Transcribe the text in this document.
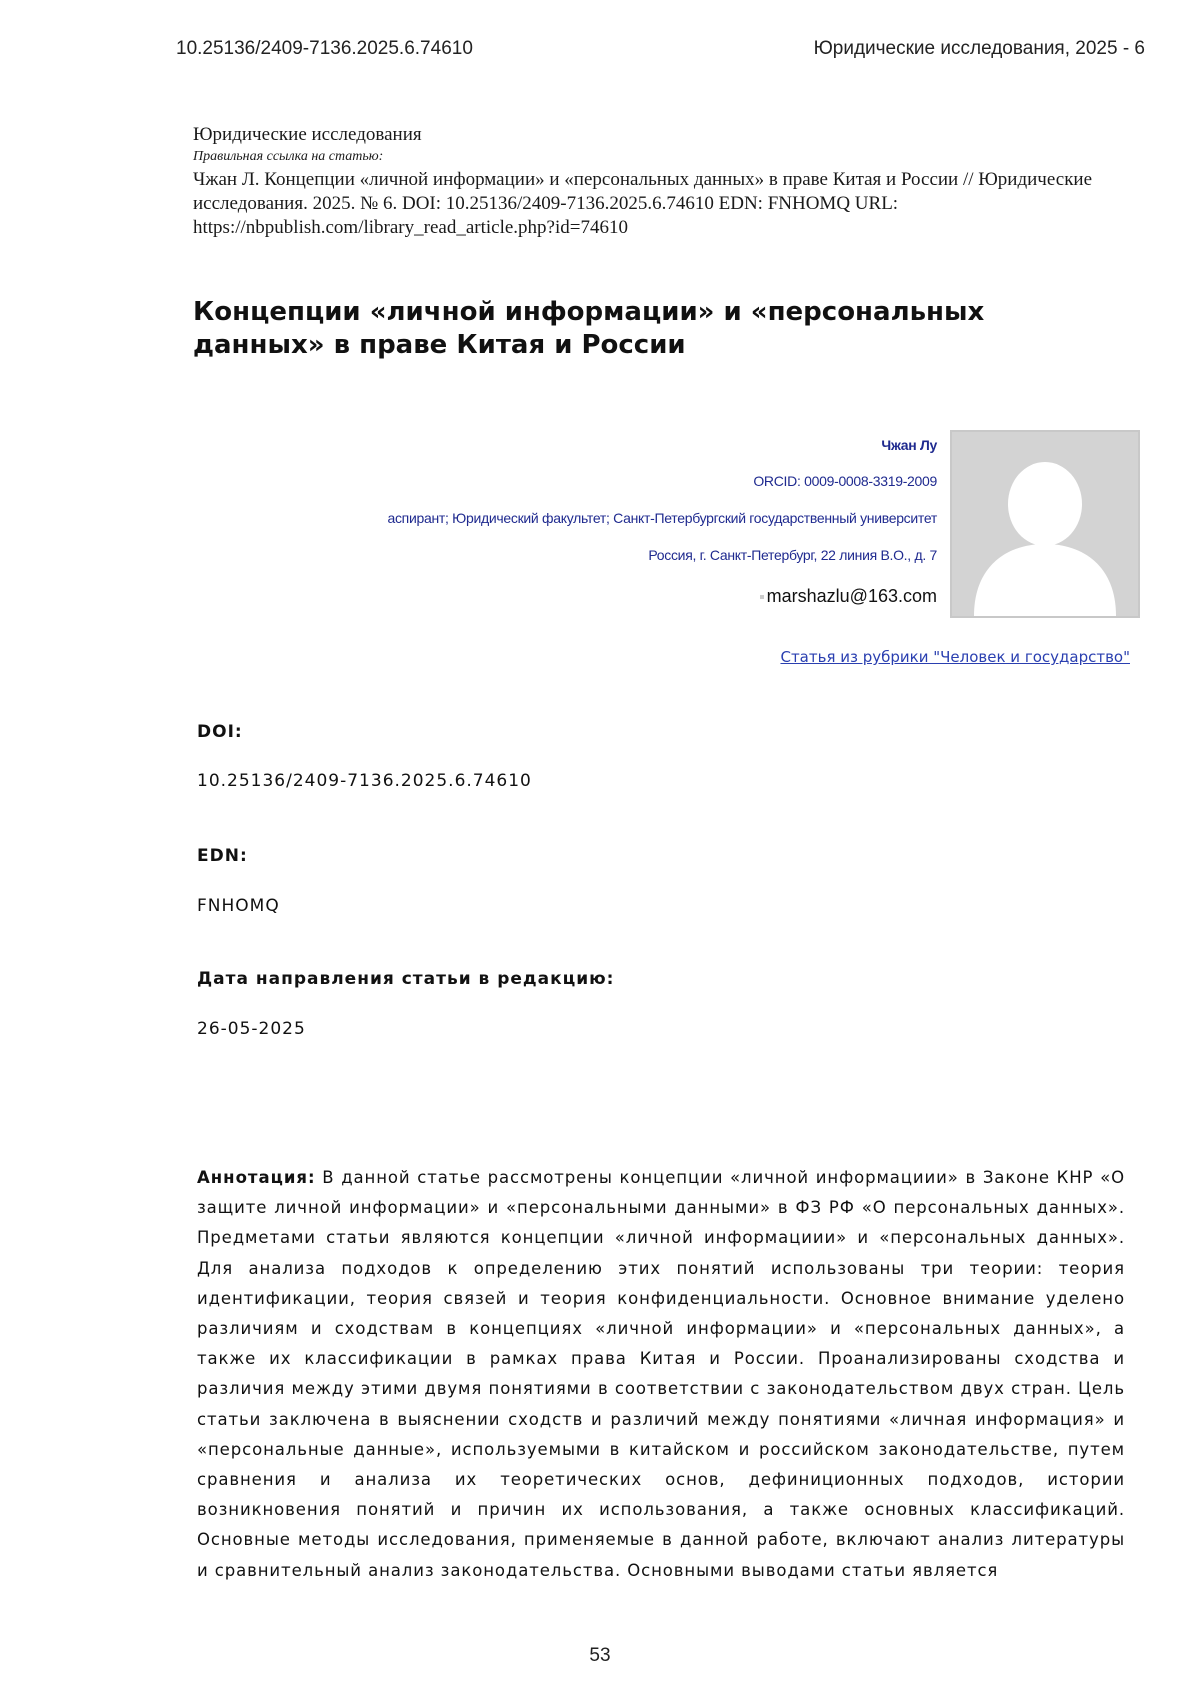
10.25136/2409-7136.2025.6.74610	Юридические исследования, 2025 - 6
Юридические исследования
Правильная ссылка на статью:
Чжан Л. Концепции «личной информации» и «персональных данных» в праве Китая и России // Юридические исследования. 2025. № 6. DOI: 10.25136/2409-7136.2025.6.74610 EDN: FNHOMQ URL: https://nbpublish.com/library_read_article.php?id=74610
Концепции «личной информации» и «персональных данных» в праве Китая и России
Чжан Лу
ORCID: 0009-0008-3319-2009
аспирант; Юридический факультет; Санкт-Петербургский государственный университет
Россия, г. Санкт-Петербург, 22 линия В.О., д. 7
marshazlu@163.com
Статья из рубрики "Человек и государство"
DOI:
10.25136/2409-7136.2025.6.74610
EDN:
FNHOMQ
Дата направления статьи в редакцию:
26-05-2025
Аннотация: В данной статье рассмотрены концепции «личной информациии» в Законе КНР «О защите личной информации» и «персональными данными» в ФЗ РФ «О персональных данных». Предметами статьи являются концепции «личной информациии» и «персональных данных». Для анализа подходов к определению этих понятий использованы три теории: теория идентификации, теория связей и теория конфиденциальности. Основное внимание уделено различиям и сходствам в концепциях «личной информации» и «персональных данных», а также их классификации в рамках права Китая и России. Проанализированы сходства и различия между этими двумя понятиями в соответствии с законодательством двух стран. Цель статьи заключена в выяснении сходств и различий между понятиями «личная информация» и «персональные данные», используемыми в китайском и российском законодательстве, путем сравнения и анализа их теоретических основ, дефиниционных подходов, истории возникновения понятий и причин их использования, а также основных классификаций. Основные методы исследования, применяемые в данной работе, включают анализ литературы и сравнительный анализ законодательства. Основными выводами статьи является
53
